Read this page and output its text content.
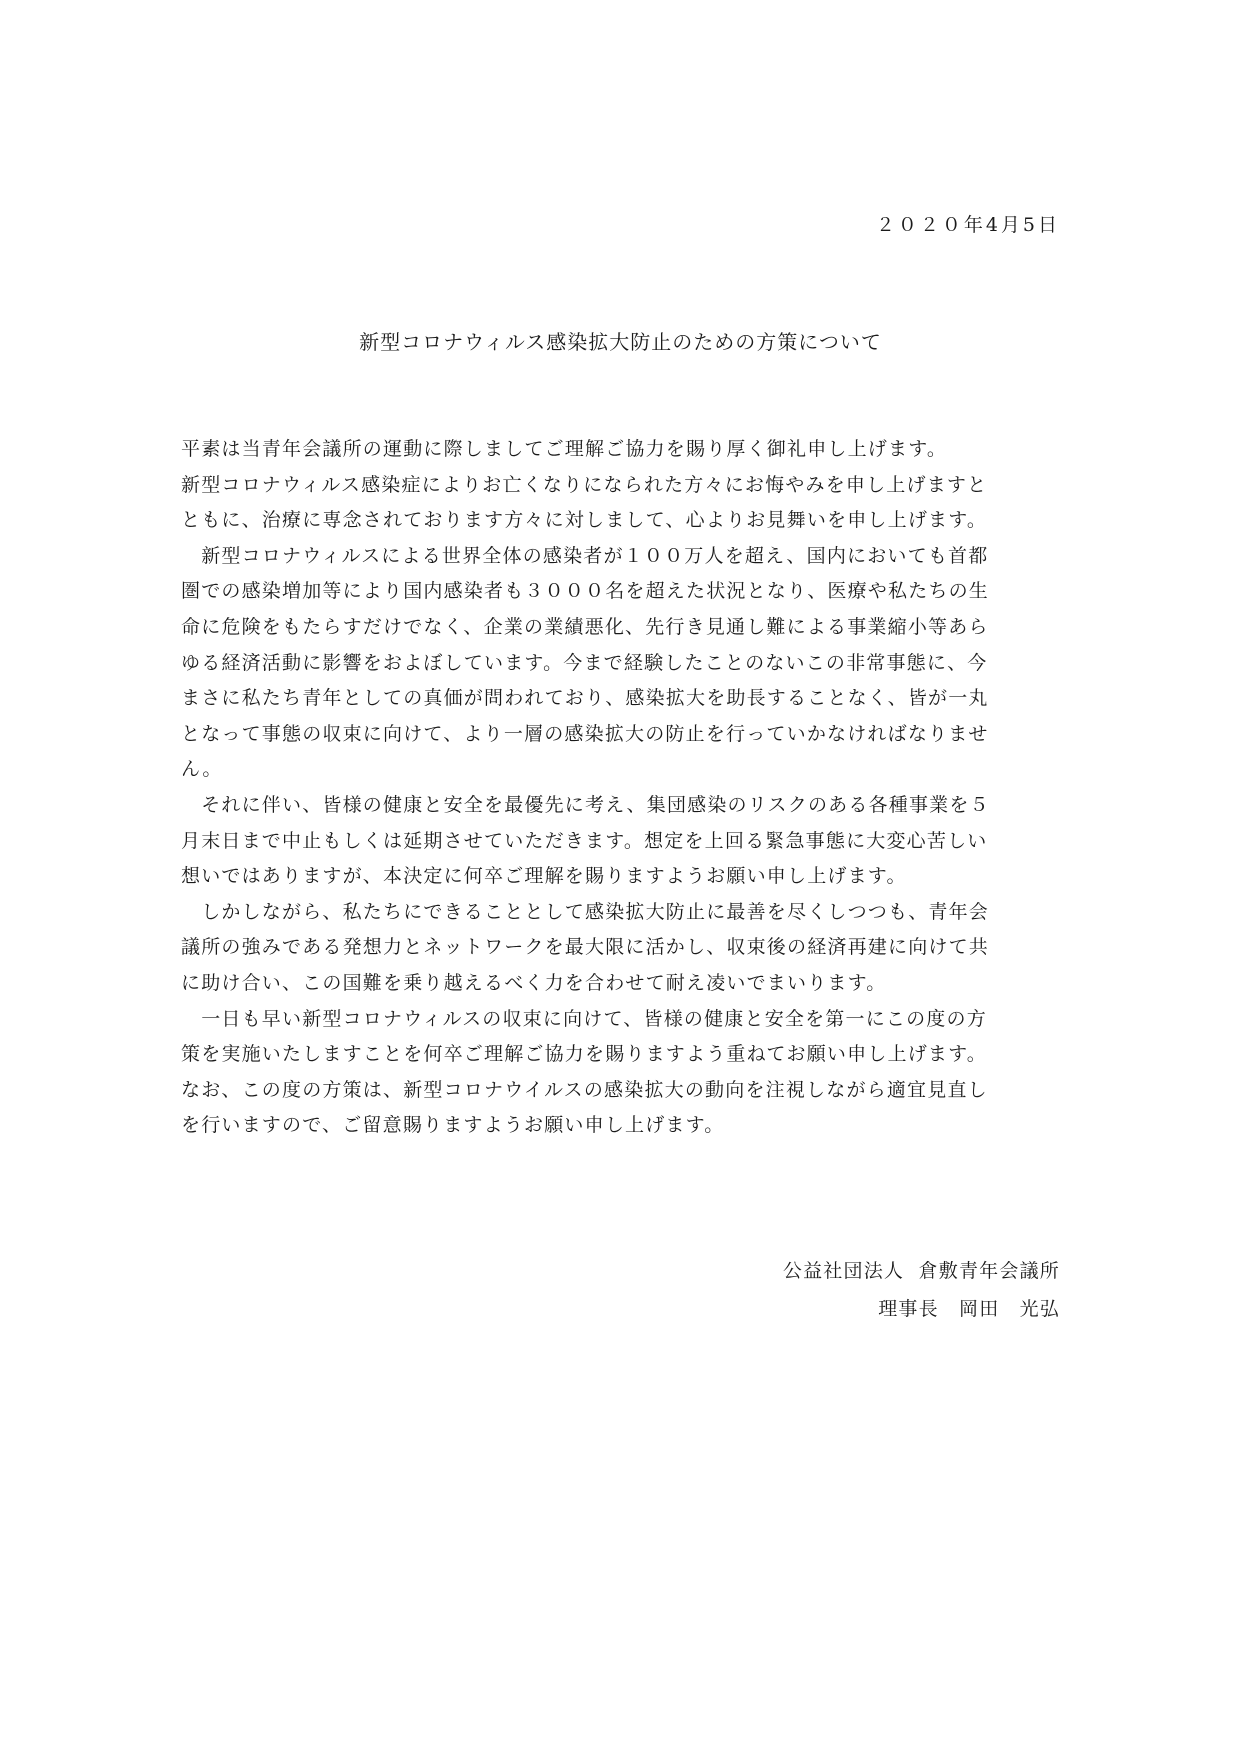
２０２０年4月5日
新型コロナウィルス感染拡大防止のための方策について
平素は当青年会議所の運動に際しましてご理解ご協力を賜り厚く御礼申し上げます。
新型コロナウィルス感染症によりお亡くなりになられた方々にお悔やみを申し上げますと
ともに、治療に専念されております方々に対しまして、心よりお見舞いを申し上げます。
　新型コロナウィルスによる世界全体の感染者が１００万人を超え、国内においても首都
圏での感染増加等により国内感染者も３０００名を超えた状況となり、医療や私たちの生
命に危険をもたらすだけでなく、企業の業績悪化、先行き見通し難による事業縮小等あら
ゆる経済活動に影響をおよぼしています。今まで経験したことのないこの非常事態に、今
まさに私たち青年としての真価が問われており、感染拡大を助長することなく、皆が一丸
となって事態の収束に向けて、より一層の感染拡大の防止を行っていかなければなりませ
ん。
　それに伴い、皆様の健康と安全を最優先に考え、集団感染のリスクのある各種事業を５
月末日まで中止もしくは延期させていただきます。想定を上回る緊急事態に大変心苦しい
想いではありますが、本決定に何卒ご理解を賜りますようお願い申し上げます。
　しかしながら、私たちにできることとして感染拡大防止に最善を尽くしつつも、青年会
議所の強みである発想力とネットワークを最大限に活かし、収束後の経済再建に向けて共
に助け合い、この国難を乗り越えるべく力を合わせて耐え凌いでまいります。
　一日も早い新型コロナウィルスの収束に向けて、皆様の健康と安全を第一にこの度の方
策を実施いたしますことを何卒ご理解ご協力を賜りますよう重ねてお願い申し上げます。
なお、この度の方策は、新型コロナウイルスの感染拡大の動向を注視しながら適宜見直し
を行いますので、ご留意賜りますようお願い申し上げます。
公益社団法人  倉敷青年会議所
理事長　岡田　光弘
